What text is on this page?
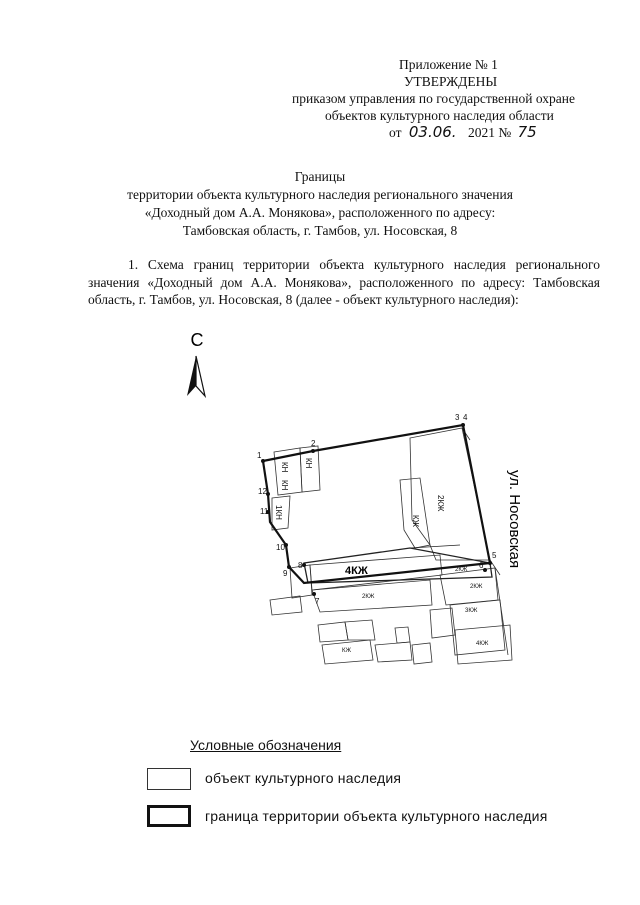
Приложение № 1
УТВЕРЖДЕНЫ
приказом управления по государственной охране
объектов культурного наследия области
от 03.06. 2021 № 75
Границы
территории объекта культурного наследия регионального значения
«Доходный дом А.А. Монякова», расположенного по адресу:
Тамбовская область, г. Тамбов, ул. Носовская, 8
1. Схема границ территории объекта культурного наследия регионального значения «Доходный дом А.А. Монякова», расположенного по адресу: Тамбовская область, г. Тамбов, ул. Носовская, 8 (далее - объект культурного наследия):
С
2КЖ
КЖ
КН
КН
КН
1КН
2КЖ
2КЖ
3КЖ
КЖ
4КЖ
2КЖ
4КЖ
1
2
3 4
5
6
7
8
9
10
11
12	ул. Носовская
Условные обозначения
объект культурного наследия
граница территории объекта культурного наследия
